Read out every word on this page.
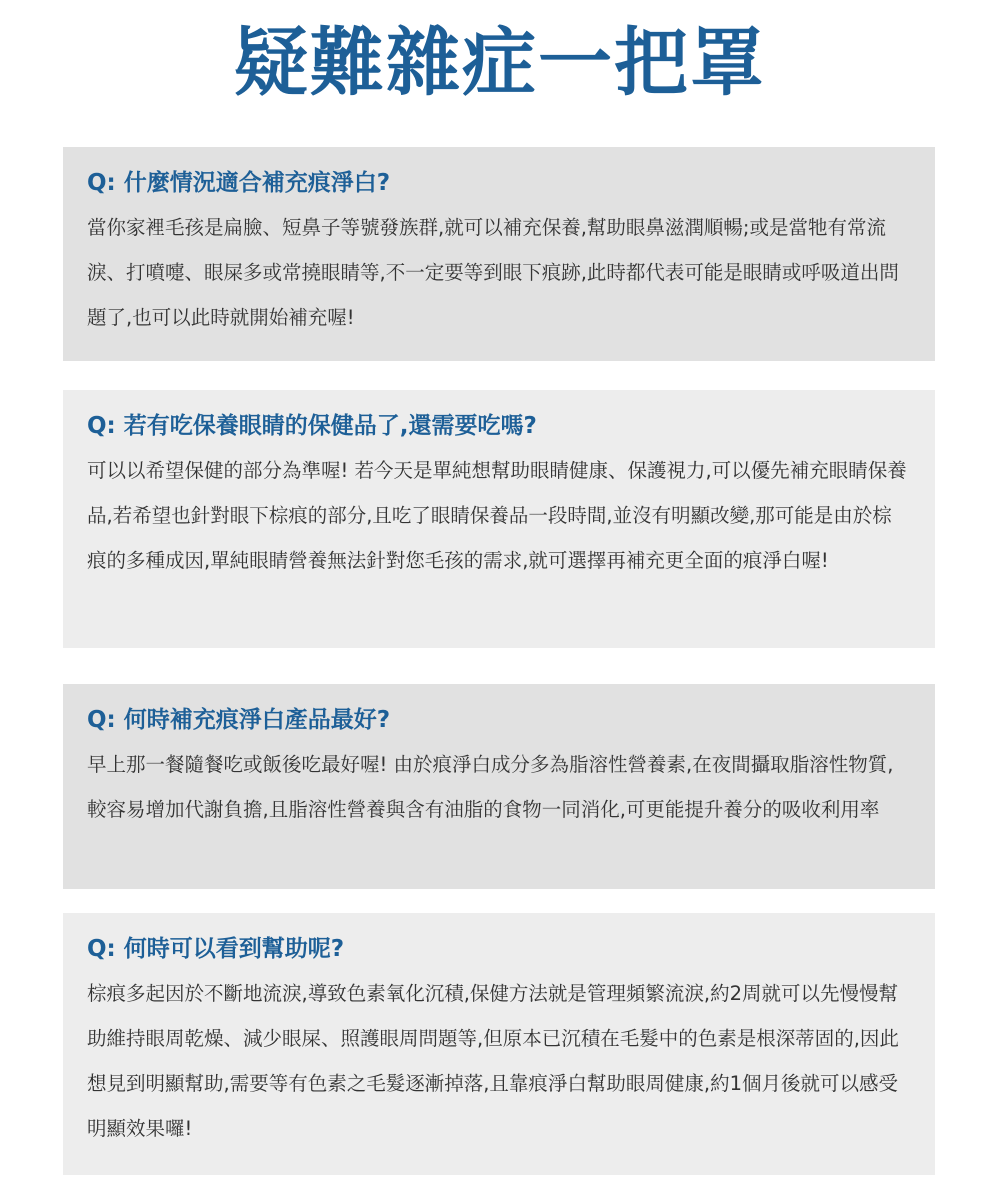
疑難雜症一把罩
Q: 什麼情況適合補充痕淨白?

當你家裡毛孩是扁臉、短鼻子等號發族群,就可以補充保養,幫助眼鼻滋潤順暢;或是當牠有常流淚、打噴嚏、眼屎多或常撓眼睛等,不一定要等到眼下痕跡,此時都代表可能是眼睛或呼吸道出問題了,也可以此時就開始補充喔!

Q: 若有吃保養眼睛的保健品了,還需要吃嗎?

可以以希望保健的部分為準喔! 若今天是單純想幫助眼睛健康、保護視力,可以優先補充眼睛保養品,若希望也針對眼下棕痕的部分,且吃了眼睛保養品一段時間,並沒有明顯改變,那可能是由於棕痕的多種成因,單純眼睛營養無法針對您毛孩的需求,就可選擇再補充更全面的痕淨白喔!

Q: 何時補充痕淨白產品最好?

早上那一餐隨餐吃或飯後吃最好喔! 由於痕淨白成分多為脂溶性營養素,在夜間攝取脂溶性物質,較容易增加代謝負擔,且脂溶性營養與含有油脂的食物一同消化,可更能提升養分的吸收利用率

Q: 何時可以看到幫助呢?

棕痕多起因於不斷地流淚,導致色素氧化沉積,保健方法就是管理頻繁流淚,約2周就可以先慢慢幫助維持眼周乾燥、減少眼屎、照護眼周問題等,但原本已沉積在毛髮中的色素是根深蒂固的,因此想見到明顯幫助,需要等有色素之毛髮逐漸掉落,且靠痕淨白幫助眼周健康,約1個月後就可以感受明顯效果囉!
